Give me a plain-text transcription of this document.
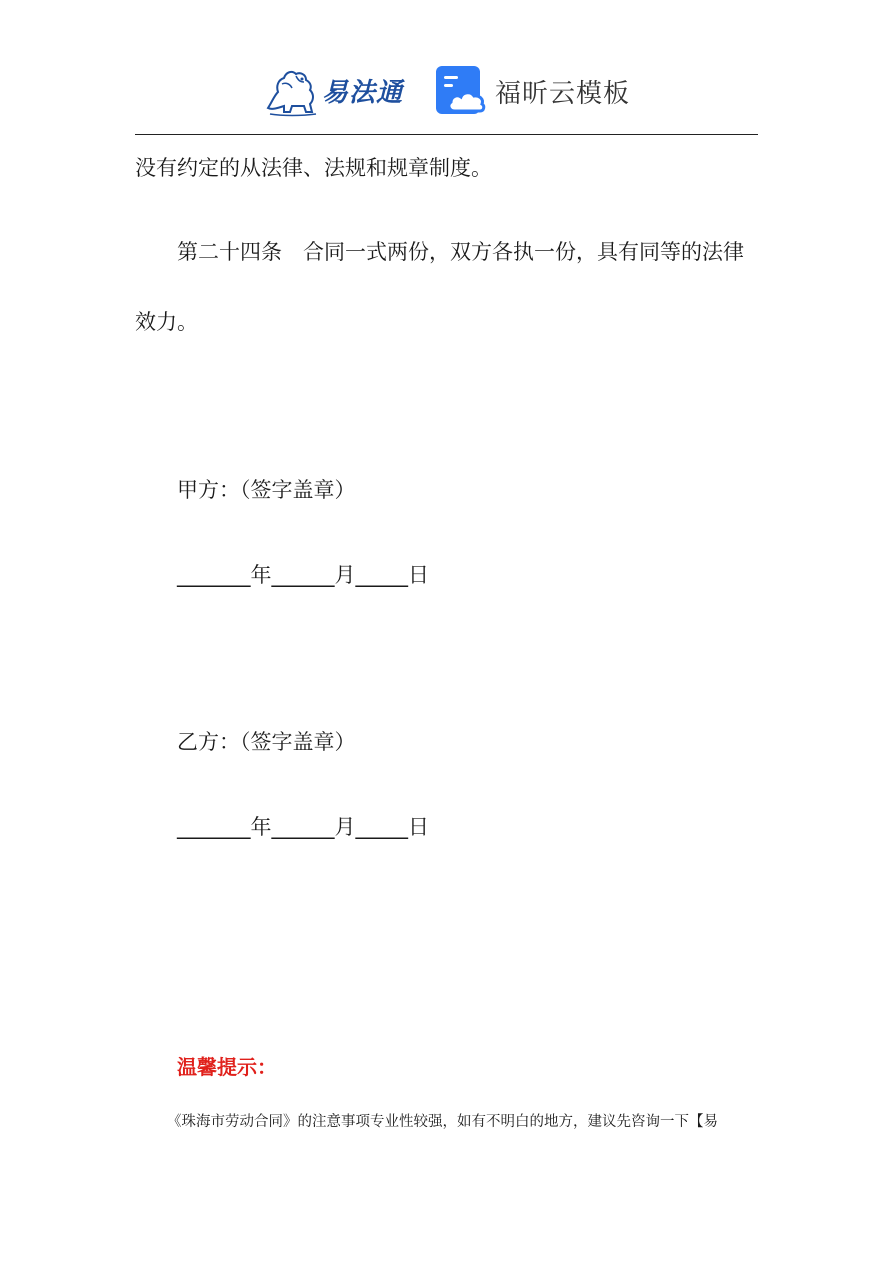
易法通	福昕云模板
没有约定的从法律、法规和规章制度。
第二十四条　合同一式两份，双方各执一份，具有同等的法律
效力。
甲方：（签字盖章）
_______年______月_____日
乙方：（签字盖章）
_______年______月_____日
温馨提示：
《珠海市劳动合同》的注意事项专业性较强，如有不明白的地方，建议先咨询一下【易
